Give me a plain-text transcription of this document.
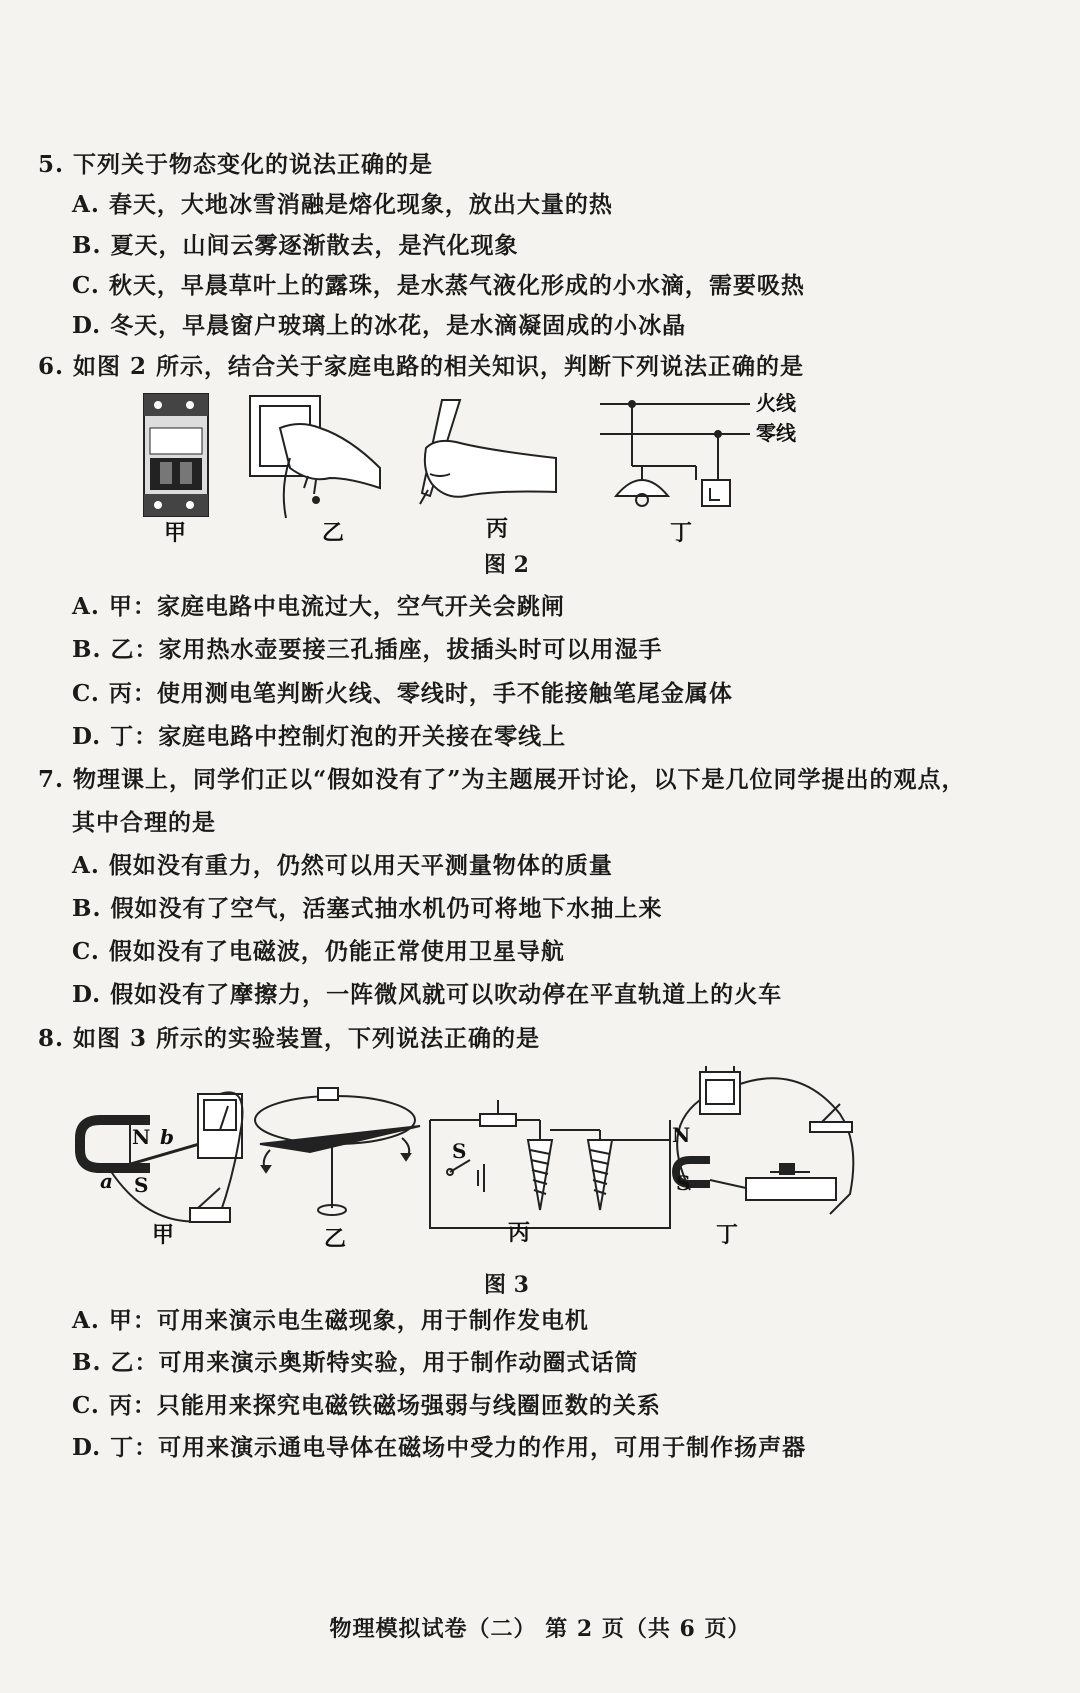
5. 下列关于物态变化的说法正确的是
A. 春天，大地冰雪消融是熔化现象，放出大量的热
B. 夏天，山间云雾逐渐散去，是汽化现象
C. 秋天，早晨草叶上的露珠，是水蒸气液化形成的小水滴，需要吸热
D. 冬天，早晨窗户玻璃上的冰花，是水滴凝固成的小冰晶
6. 如图 2 所示，结合关于家庭电路的相关知识，判断下列说法正确的是
火线
零线
甲	乙	丙	丁
图 2
A. 甲：家庭电路中电流过大，空气开关会跳闸
B. 乙：家用热水壶要接三孔插座，拔插头时可以用湿手
C. 丙：使用测电笔判断火线、零线时，手不能接触笔尾金属体
D. 丁：家庭电路中控制灯泡的开关接在零线上
7. 物理课上，同学们正以“假如没有了”为主题展开讨论，以下是几位同学提出的观点，
其中合理的是
A. 假如没有重力，仍然可以用天平测量物体的质量
B. 假如没有了空气，活塞式抽水机仍可将地下水抽上来
C. 假如没有了电磁波，仍能正常使用卫星导航
D. 假如没有了摩擦力，一阵微风就可以吹动停在平直轨道上的火车
8. 如图 3 所示的实验装置，下列说法正确的是
N
S
a
b
S
N
S
甲	乙	丙	丁
图 3
A. 甲：可用来演示电生磁现象，用于制作发电机
B. 乙：可用来演示奥斯特实验，用于制作动圈式话筒
C. 丙：只能用来探究电磁铁磁场强弱与线圈匝数的关系
D. 丁：可用来演示通电导体在磁场中受力的作用，可用于制作扬声器
物理模拟试卷（二） 第 2 页（共 6 页）
